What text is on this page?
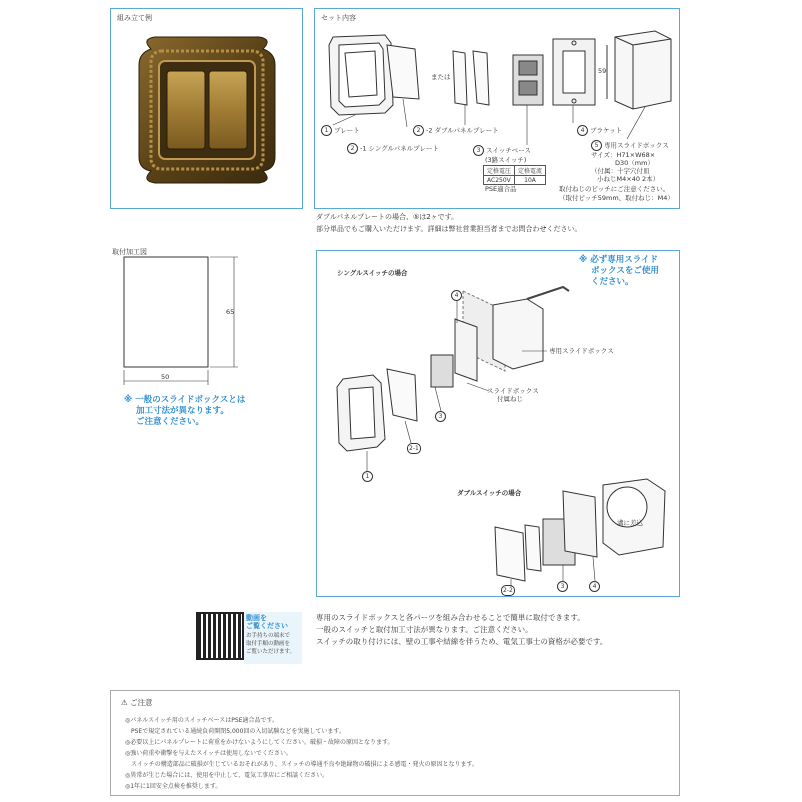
組み立て例	セット内容
59
または
1 プレート
2 -1 シングルパネルプレート
2 -2 ダブルパネルプレート
3 スイッチベース
(3路スイッチ)
4 ブラケット
5 専用スライドボックス
サイズ：H71×W68×
D30（mm）
（付属：十字穴付皿
小ねじM4×40 2本）
定格電圧	定格電流
AC250V	10A
PSE適合品	取付ねじのピッチにご注意ください。
（取付ピッチ59mm、取付ねじ：M4）
ダブルパネルプレートの場合、⑤は2ヶです。
部分単品でもご購入いただけます。詳細は弊社営業担当者までお問合わせください。
取付加工図
50
65
※ 一般のスライドボックスとは
加工寸法が異なります。
ご注意ください。
シングルスイッチの場合
※ 必ず専用スライド
ボックスをご使用
ください。
専用スライドボックス
スライドボックス
付属ねじ
4
3
2-1
1
ダブルスイッチの場合
溝に差込
2-2
3	4
動画を
ご覧ください
お手持ちの端末で
取付手順の動画を
ご覧いただけます。
専用のスライドボックスと各パーツを組み合わせることで簡単に取付できます。
一般のスイッチと取付加工寸法が異なります。ご注意ください。
スイッチの取り付けには、壁の工事や結線を伴うため、電気工事士の資格が必要です。
⚠ ご注意
◎パネルスイッチ用のスイッチベースはPSE適合品です。
　PSEで規定されている通続負荷開閉5,000回の入切試験などを実施しています。
◎必要以上にパネルプレートに荷重をかけないようにしてください。破損・故障の原因となります。
◎強い荷重や衝撃を与えたスイッチは使用しないでください。
　スイッチの構造部品に破損が生じているおそれがあり、スイッチの導通不良や絶縁物の破損による感電・発火の原因となります。
◎異常が生じた場合には、使用を中止して、電気工事店にご相談ください。
◎1年に1回安全点検を推奨します。
